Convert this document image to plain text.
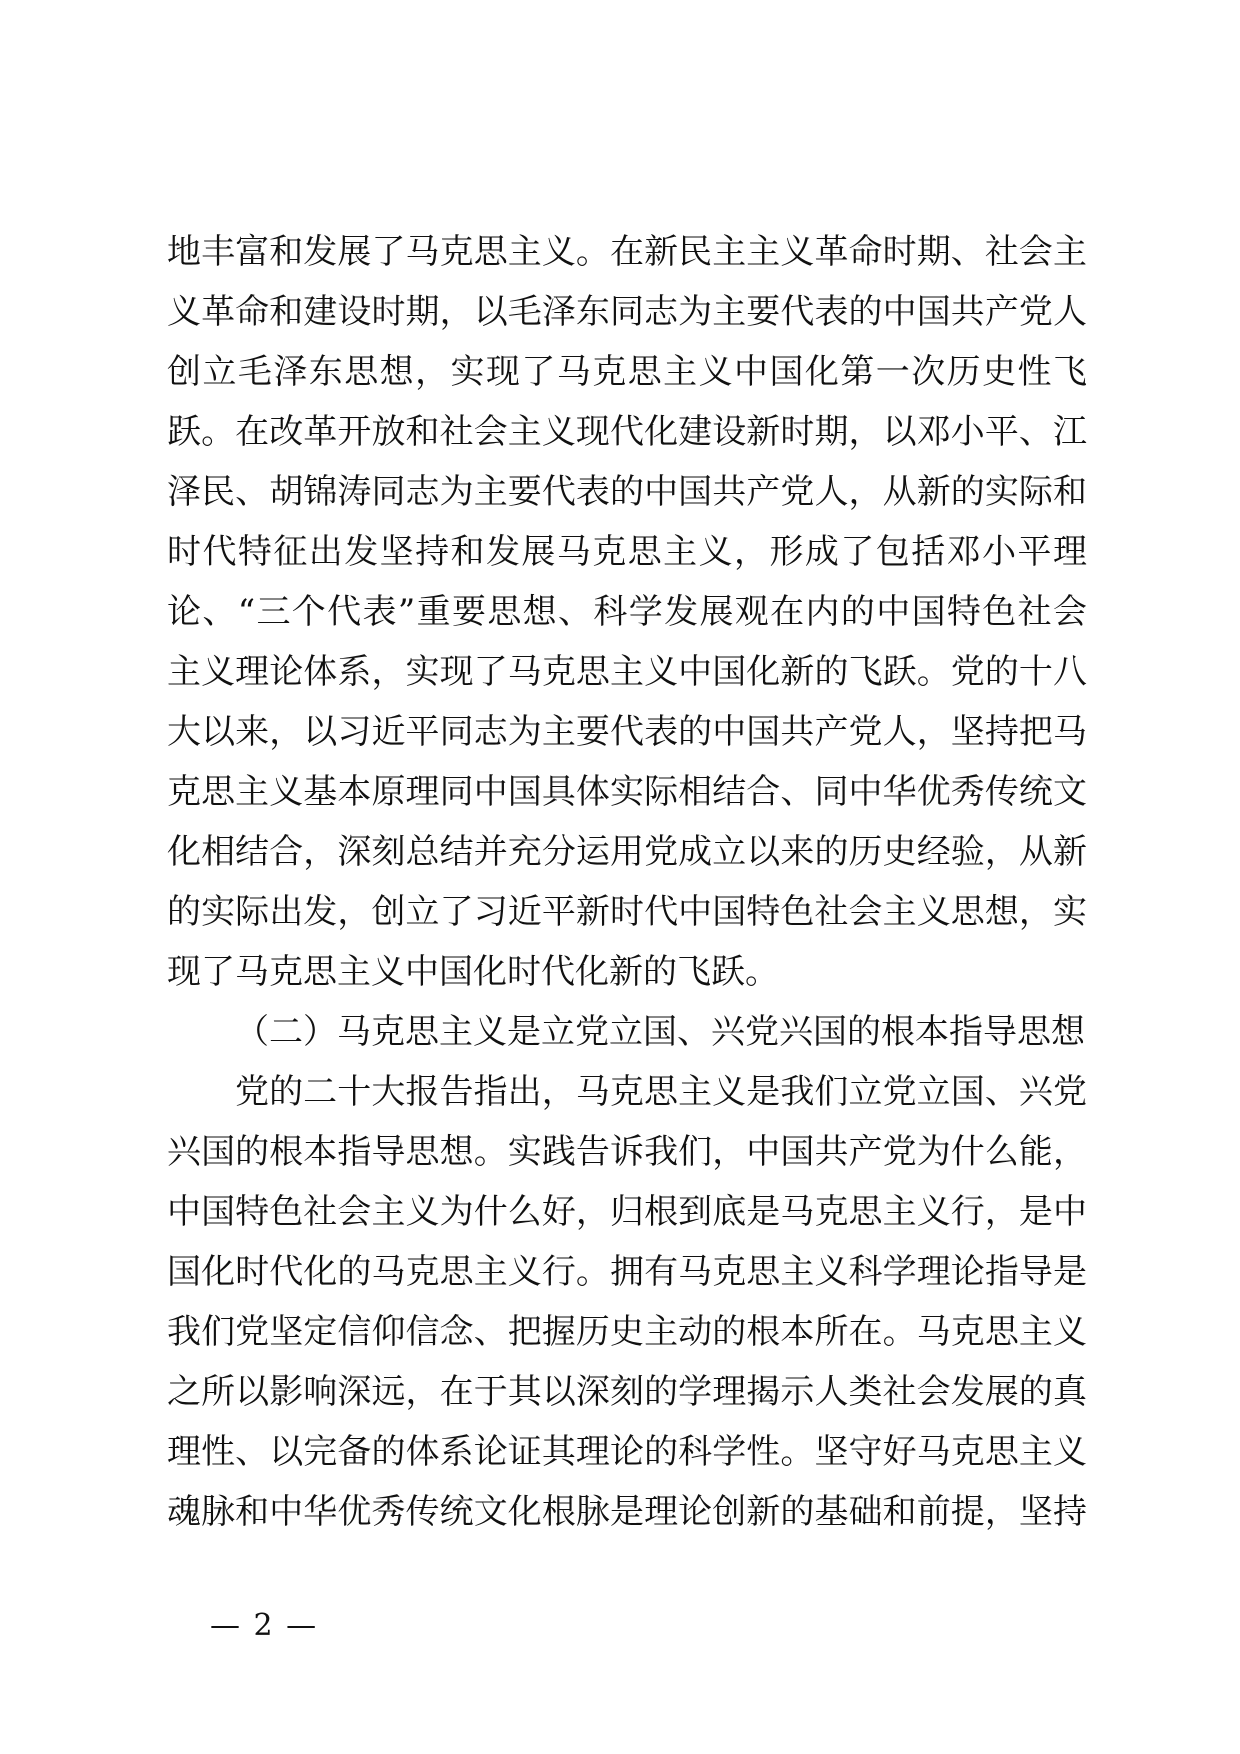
地丰富和发展了马克思主义。在新民主主义革命时期、社会主
义革命和建设时期，以毛泽东同志为主要代表的中国共产党人
创立毛泽东思想，实现了马克思主义中国化第一次历史性飞
跃。在改革开放和社会主义现代化建设新时期，以邓小平、江
泽民、胡锦涛同志为主要代表的中国共产党人，从新的实际和
时代特征出发坚持和发展马克思主义，形成了包括邓小平理
论、“三个代表”重要思想、科学发展观在内的中国特色社会
主义理论体系，实现了马克思主义中国化新的飞跃。党的十八
大以来，以习近平同志为主要代表的中国共产党人，坚持把马
克思主义基本原理同中国具体实际相结合、同中华优秀传统文
化相结合，深刻总结并充分运用党成立以来的历史经验，从新
的实际出发，创立了习近平新时代中国特色社会主义思想，实
现了马克思主义中国化时代化新的飞跃。
（二）马克思主义是立党立国、兴党兴国的根本指导思想
党的二十大报告指出，马克思主义是我们立党立国、兴党
兴国的根本指导思想。实践告诉我们，中国共产党为什么能，
中国特色社会主义为什么好，归根到底是马克思主义行，是中
国化时代化的马克思主义行。拥有马克思主义科学理论指导是
我们党坚定信仰信念、把握历史主动的根本所在。马克思主义
之所以影响深远，在于其以深刻的学理揭示人类社会发展的真
理性、以完备的体系论证其理论的科学性。坚守好马克思主义
魂脉和中华优秀传统文化根脉是理论创新的基础和前提，坚持
— 2 —
